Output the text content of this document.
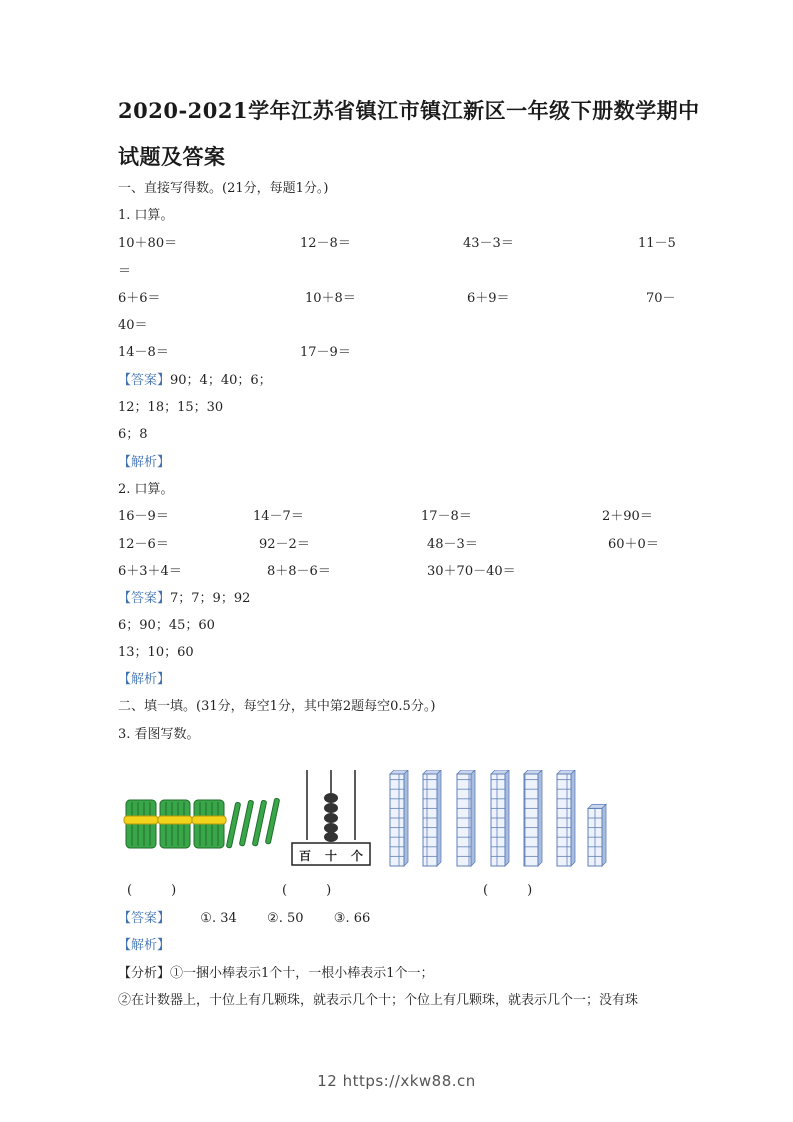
2020-2021学年江苏省镇江市镇江新区一年级下册数学期中
试题及答案
一、直接写得数。(21分，每题1分。)
1. 口算。
10＋80＝	12－8＝	43－3＝	11－5
＝
6＋6＝	10＋8＝	6＋9＝	70－
40＝
14－8＝	17－9＝
【答案】90；4；40；6；
12；18；15；30
6；8
【解析】
2. 口算。
16－9＝	14－7＝	17－8＝	2＋90＝
12－6＝	92－2＝	48－3＝	60＋0＝
6＋3＋4＝	8＋8－6＝	30＋70－40＝
【答案】7；7；9；92
6；90；45；60
13；10；60
【解析】
二、填一填。(31分，每空1分，其中第2题每空0.5分。)
3. 看图写数。
百 十 个
(　　　)	(　　　)	(　　　)
【答案】 ①. 34 ②. 50 ③. 66
【解析】
【分析】①一捆小棒表示1个十，一根小棒表示1个一；
②在计数器上，十位上有几颗珠，就表示几个十；个位上有几颗珠，就表示几个一；没有珠
12 https://xkw88.cn
